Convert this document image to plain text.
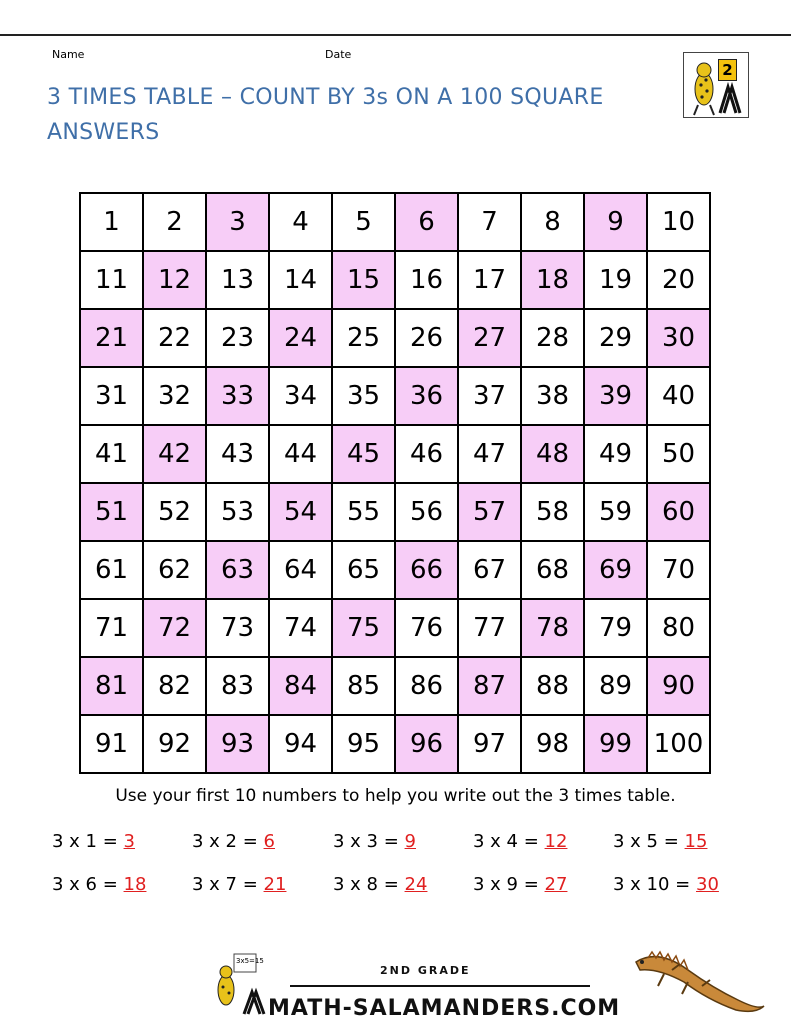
Name	Date
3 TIMES TABLE – COUNT BY 3s ON A 100 SQUARE
ANSWERS
2
1	2	3	4	5	6	7	8	9	10
11	12	13	14	15	16	17	18	19	20
21	22	23	24	25	26	27	28	29	30
31	32	33	34	35	36	37	38	39	40
41	42	43	44	45	46	47	48	49	50
51	52	53	54	55	56	57	58	59	60
61	62	63	64	65	66	67	68	69	70
71	72	73	74	75	76	77	78	79	80
81	82	83	84	85	86	87	88	89	90
91	92	93	94	95	96	97	98	99	100
Use your first 10 numbers to help you write out the 3 times table.
3 x 1 = 3	3 x 2 = 6	3 x 3 = 9	3 x 4 = 12	3 x 5 = 15
3 x 6 = 18	3 x 7 = 21	3 x 8 = 24	3 x 9 = 27	3 x 10 = 30
3x5=15
2ND GRADE
MATH-SALAMANDERS.COM
